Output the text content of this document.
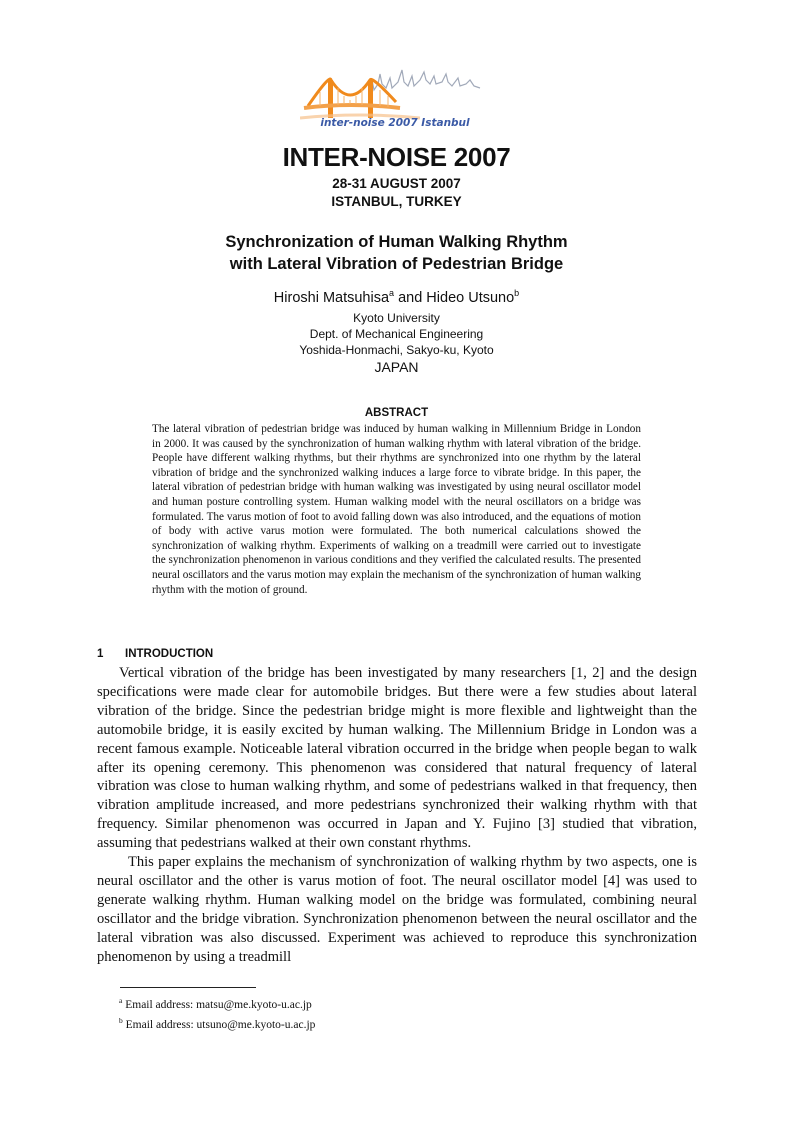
inter-noise 2007 Istanbul
INTER-NOISE 2007
28-31 AUGUST 2007
ISTANBUL, TURKEY
Synchronization of Human Walking Rhythm
with Lateral Vibration of Pedestrian Bridge
Hiroshi Matsuhisa$^a$ and Hideo Utsuno$^b$
Kyoto University
Dept. of Mechanical Engineering
Yoshida-Honmachi, Sakyo-ku, Kyoto
JAPAN
ABSTRACT
The lateral vibration of pedestrian bridge was induced by human walking in Millennium Bridge in London in 2000. It was caused by the synchronization of human walking rhythm with lateral vibration of the bridge. People have different walking rhythms, but their rhythms are synchronized into one rhythm by the lateral vibration of bridge and the synchronized walking induces a large force to vibrate bridge. In this paper, the lateral vibration of pedestrian bridge with human walking was investigated by using neural oscillator model and human posture controlling system. Human walking model with the neural oscillators on a bridge was formulated. The varus motion of foot to avoid falling down was also introduced, and the equations of motion of body with active varus motion were formulated. The both numerical calculations showed the synchronization of walking rhythm. Experiments of walking on a treadmill were carried out to investigate the synchronization phenomenon in various conditions and they verified the calculated results. The presented neural oscillators and the varus motion may explain the mechanism of the synchronization of human walking rhythm with the motion of ground.
1 INTRODUCTION

Vertical vibration of the bridge has been investigated by many researchers [1, 2] and the design specifications were made clear for automobile bridges. But there were a few studies about lateral vibration of the bridge. Since the pedestrian bridge might is more flexible and lightweight than the automobile bridge, it is easily excited by human walking. The Millennium Bridge in London was a recent famous example. Noticeable lateral vibration occurred in the bridge when people began to walk after its opening ceremony. This phenomenon was considered that natural frequency of lateral vibration was close to human walking rhythm, and some of pedestrians walked in that frequency, then vibration amplitude increased, and more pedestrians synchronized their walking rhythm with that frequency. Similar phenomenon was occurred in Japan and Y. Fujino [3] studied that vibration, assuming that pedestrians walked at their own constant rhythms.

This paper explains the mechanism of synchronization of walking rhythm by two aspects, one is neural oscillator and the other is varus motion of foot. The neural oscillator model [4] was used to generate walking rhythm. Human walking model on the bridge was formulated, combining neural oscillator and the bridge vibration. Synchronization phenomenon between the neural oscillator and the lateral vibration was also discussed. Experiment was achieved to reproduce this synchronization phenomenon by using a treadmill

$^a$ Email address: matsu@me.kyoto-u.ac.jp
$^b$ Email address: utsuno@me.kyoto-u.ac.jp
